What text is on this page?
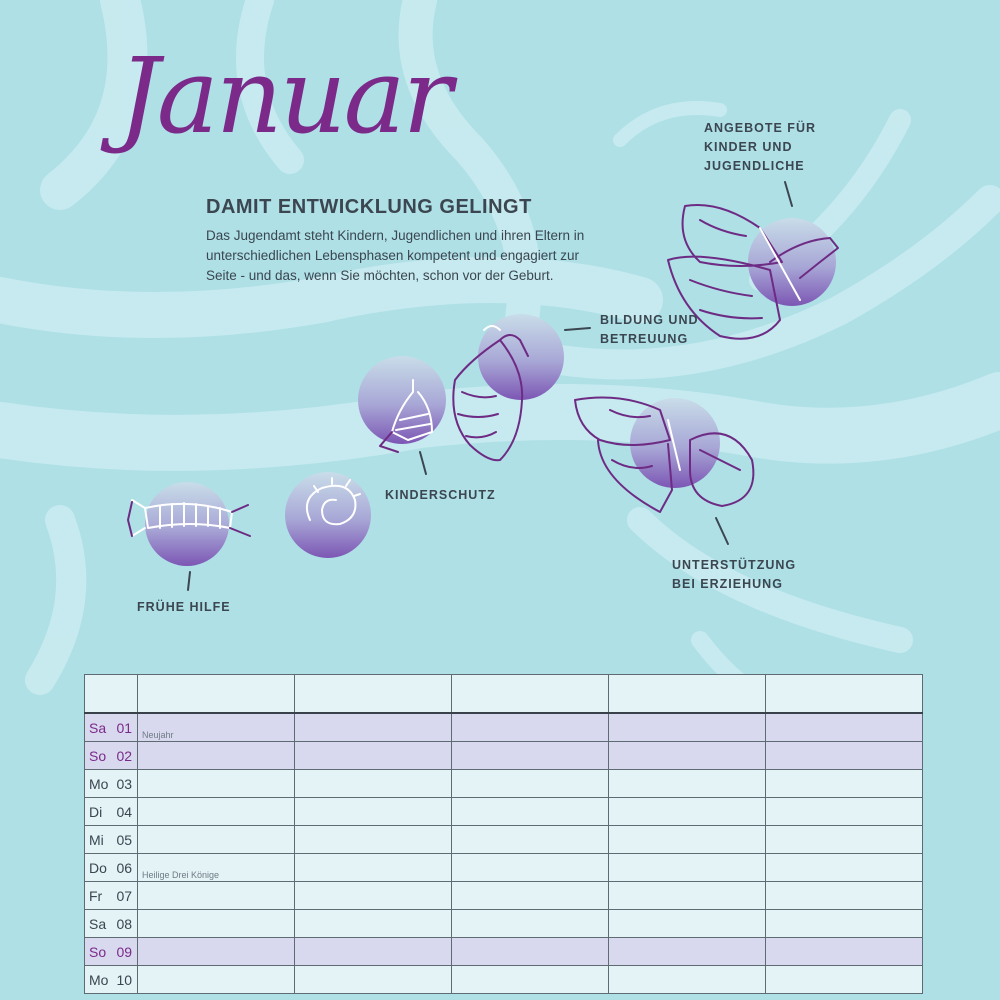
Januar
DAMIT ENTWICKLUNG GELINGT
Das Jugendamt steht Kindern, Jugendlichen und ihren Eltern in unterschiedlichen Lebensphasen kompetent und engagiert zur Seite - und das, wenn Sie möchten, schon vor der Geburt.
FRÜHE HILFE
KINDERSCHUTZ
BILDUNG UND
BETREUUNG
ANGEBOTE FÜR
KINDER UND
JUGENDLICHE
UNTERSTÜTZUNG
BEI ERZIEHUNG

Sa	01	Neujahr				

So	02	

Mo	03	

Di	04	

Mi	05	

Do	06	Heilige Drei Könige				

Fr	07	

Sa	08	

So	09	

Mo	10	
